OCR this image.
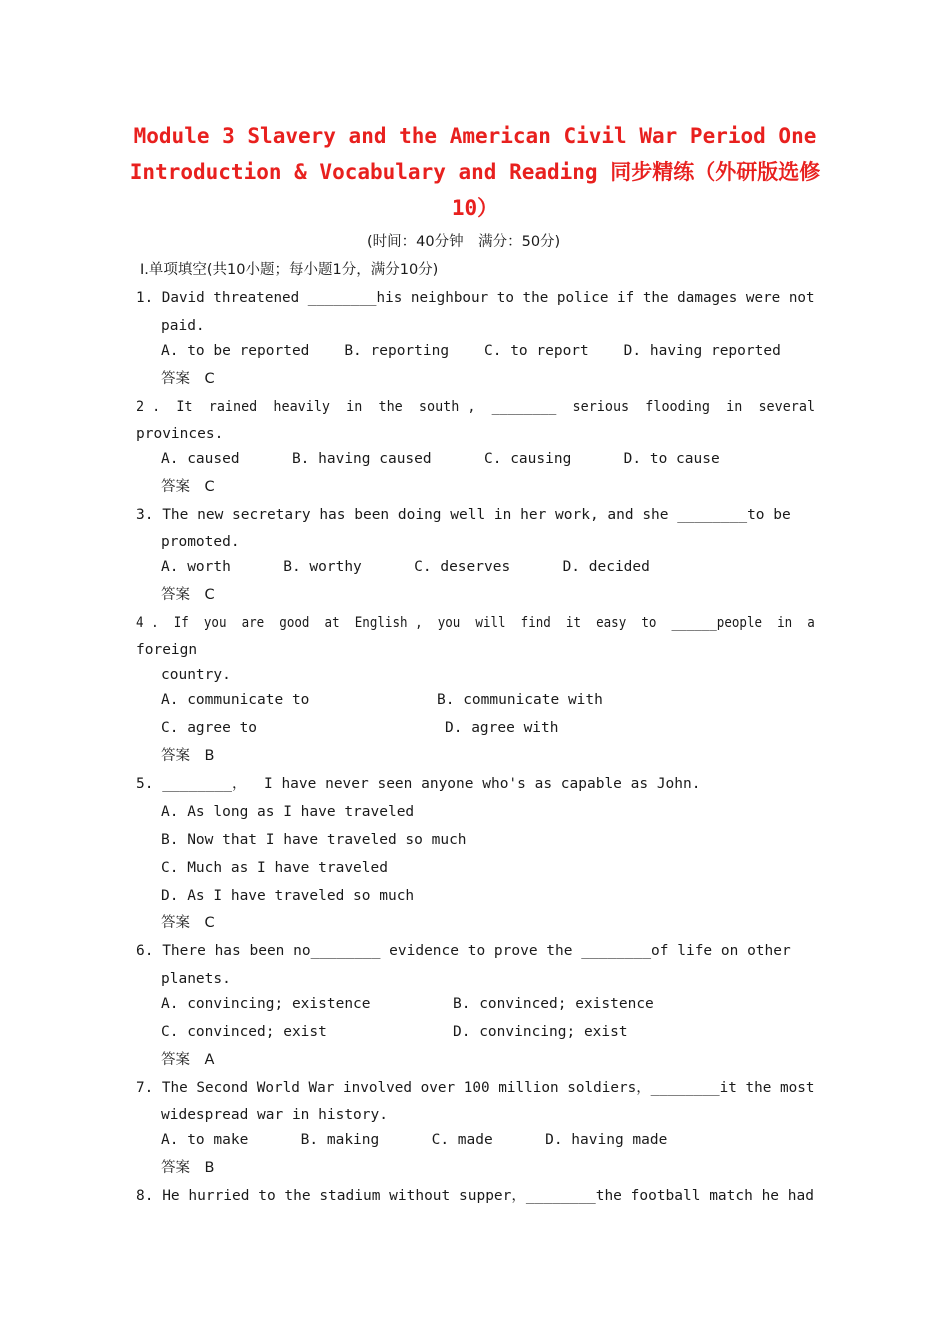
Module 3 Slavery and the American Civil War Period One
Introduction & Vocabulary and Reading 同步精练（外研版选修
10）
(时间：40分钟　满分：50分)
Ⅰ.单项填空(共10小题；每小题1分，满分10分)
1. David threatened ________his neighbour to the police if the damages were not
paid.
A. to be reported    B. reporting    C. to report    D. having reported
答案　C
2 .  It  rained  heavily  in  the  south ,  ________  serious  flooding  in  several
provinces.
A. caused      B. having caused      C. causing      D. to cause
答案　C
3. The new secretary has been doing well in her work, and she ________to be
promoted.
A. worth      B. worthy      C. deserves      D. decided
答案　C
4 .  If  you  are  good  at  English ,  you  will  find  it  easy  to  ______people  in  a
foreign
country.
A. communicate to	B. communicate with
C. agree to	D. agree with
答案　B
5. ________，  I have never seen anyone who's as capable as John.
A. As long as I have traveled
B. Now that I have traveled so much
C. Much as I have traveled
D. As I have traveled so much
答案　C
6. There has been no________ evidence to prove the ________of life on other
planets.
A. convincing; existence	B. convinced; existence
C. convinced; exist	D. convincing; exist
答案　A
7. The Second World War involved over 100 million soldiers，________it the most
widespread war in history.
A. to make      B. making      C. made      D. having made
答案　B
8. He hurried to the stadium without supper，________the football match he had
